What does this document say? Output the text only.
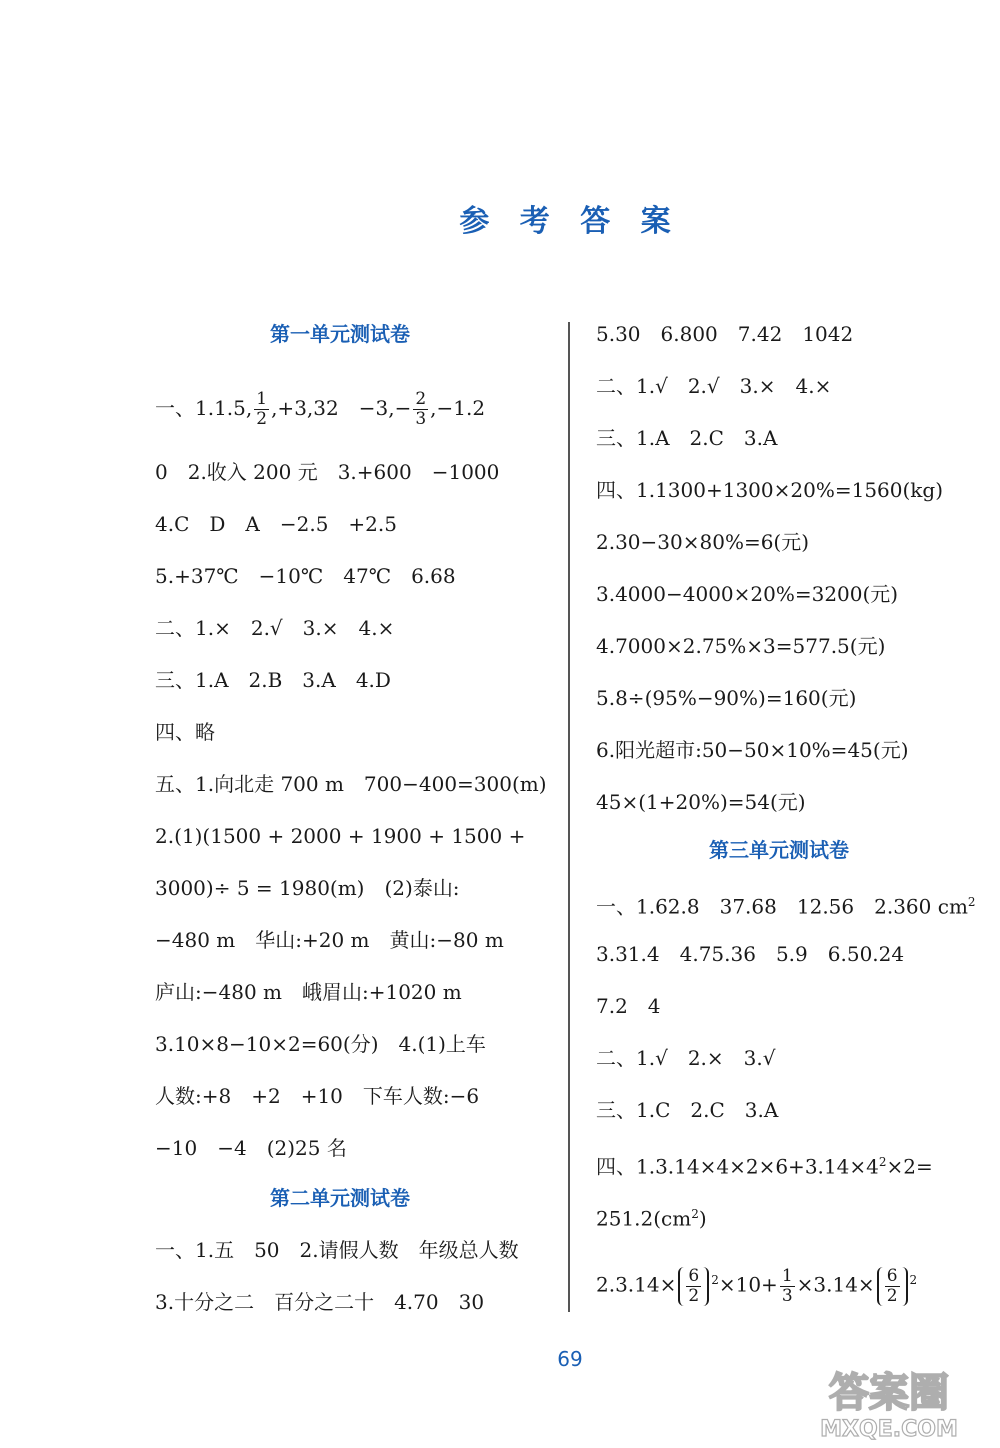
参 考 答 案
第一单元测试卷
一、1.1.5, $\frac{1}{2} ,+3,32$　$-3,- \frac{2}{3} ,-1.2$
0　2.收入 200 元　3.+600　−1000
4.C　D　A　−2.5　+2.5
5.+37℃　−10℃　47℃　6.68
二、1.×　2.√　3.×　4.×
三、1.A　2.B　3.A　4.D
四、略
五、1.向北走 700 m　700−400=300(m)
2.(1)(1500 + 2000 + 1900 + 1500 +
3000)÷ 5 = 1980(m)　(2)泰山:
−480 m　华山:+20 m　黄山:−80 m
庐山:−480 m　峨眉山:+1020 m
3.10×8−10×2=60(分)　4.(1)上车
人数:+8　+2　+10　下车人数:−6
−10　−4　(2)25 名
第二单元测试卷
一、1.五　50　2.请假人数　年级总人数
3.十分之二　百分之二十　4.70　30
5.30　6.800　7.42　1042
二、1.√　2.√　3.×　4.×
三、1.A　2.C　3.A
四、1.1300+1300×20%=1560(kg)
2.30−30×80%=6(元)
3.4000−4000×20%=3200(元)
4.7000×2.75%×3=577.5(元)
5.8÷(95%−90%)=160(元)
6.阳光超市:50−50×10%=45(元)
45×(1+20%)=54(元)
第三单元测试卷
一、1.62.8　37.68　12.56　2.360 $cm^2$
3.31.4　4.75.36　5.9　6.50.24
7.2　4
二、1.√　2.×　3.√
三、1.C　2.C　3.A
四、$1.3.14\times 4\times 2\times 6+3.14\times 4^2\times 2=$
$251.2(cm^2)$
$2.3.14\times \frac{6}{2} ^2\times 10+ \frac{1}{3} \times 3.14\times \frac{6}{2} ^2$
69
答案圈
MXQE.COM
